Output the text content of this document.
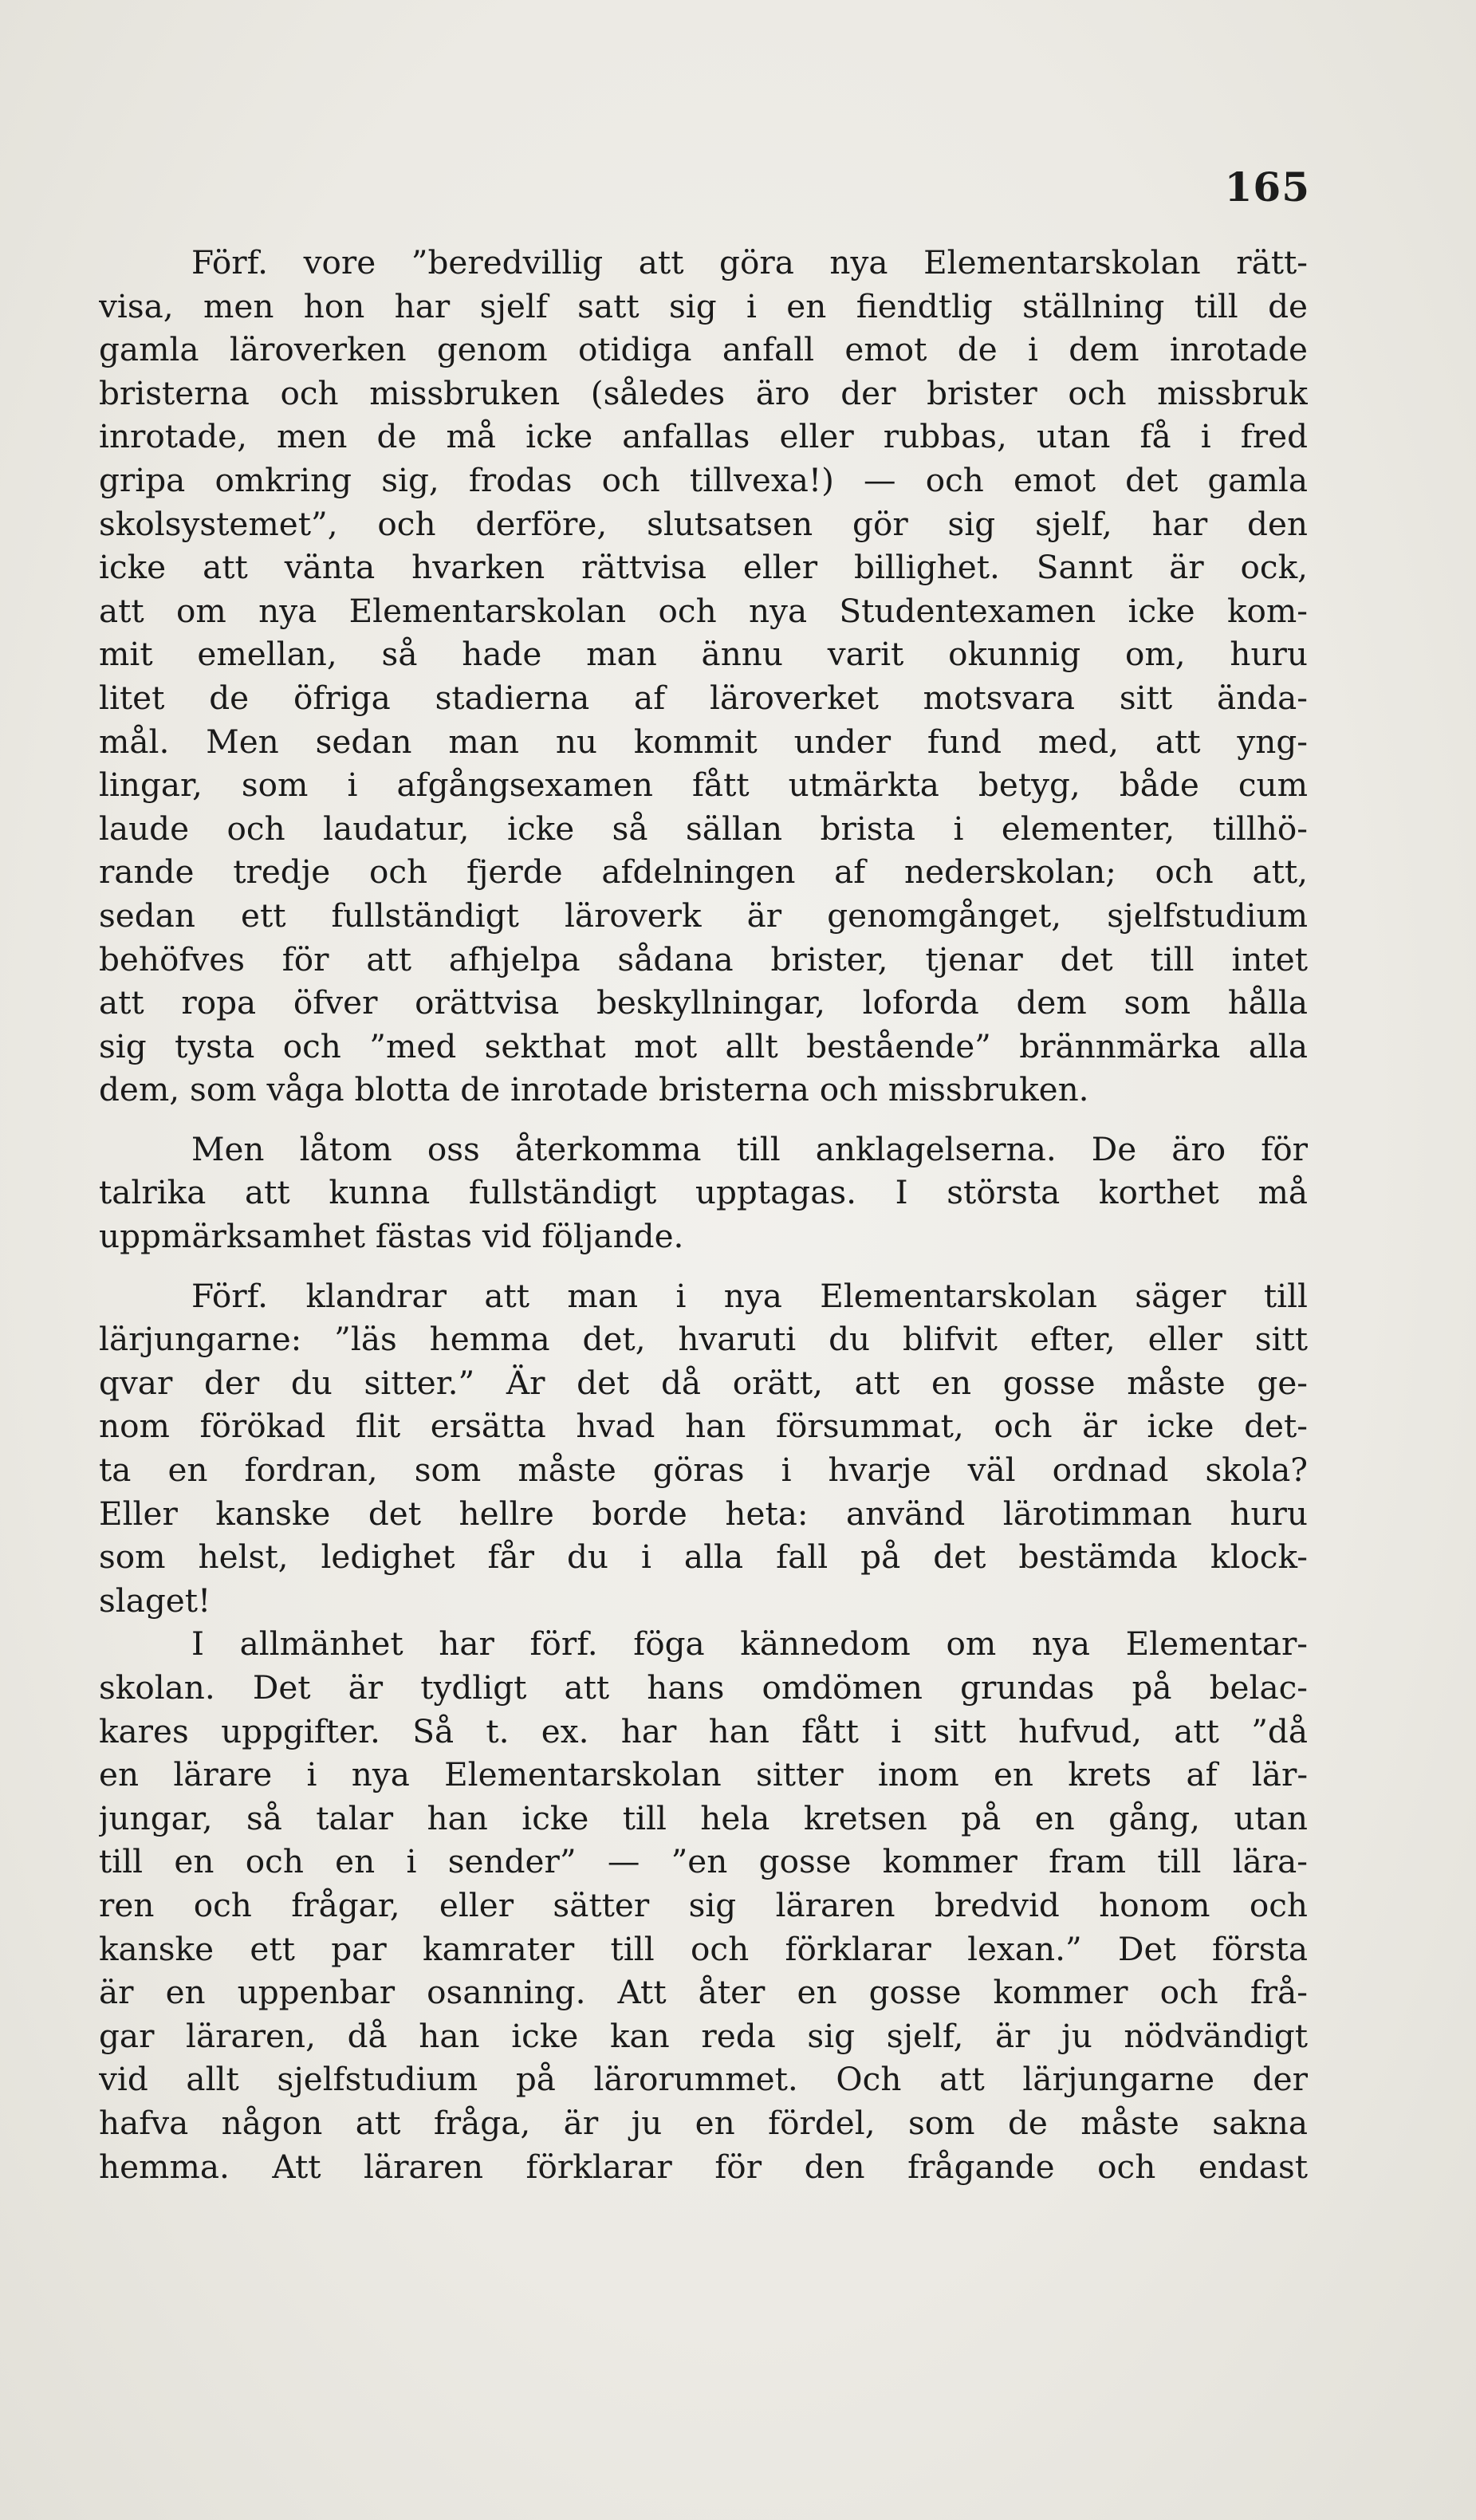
165
Förf. vore ”beredvillig att göra nya Elementarskolan rätt-
visa, men hon har sjelf satt sig i en fiendtlig ställning till de
gamla läroverken genom otidiga anfall emot de i dem inrotade
bristerna och missbruken (således äro der brister och missbruk
inrotade, men de må icke anfallas eller rubbas, utan få i fred
gripa omkring sig, frodas och tillvexa!) — och emot det gamla
skolsystemet”, och derföre, slutsatsen gör sig sjelf, har den
icke att vänta hvarken rättvisa eller billighet. Sannt är ock,
att om nya Elementarskolan och nya Studentexamen icke kom-
mit emellan, så hade man ännu varit okunnig om, huru
litet de öfriga stadierna af läroverket motsvara sitt ända-
mål. Men sedan man nu kommit under fund med, att yng-
lingar, som i afgångsexamen fått utmärkta betyg, både cum
laude och laudatur, icke så sällan brista i elementer, tillhö-
rande tredje och fjerde afdelningen af nederskolan; och att,
sedan ett fullständigt läroverk är genomgånget, sjelfstudium
behöfves för att afhjelpa sådana brister, tjenar det till intet
att ropa öfver orättvisa beskyllningar, loforda dem som hålla
sig tysta och ”med sekthat mot allt bestående” brännmärka alla
dem, som våga blotta de inrotade bristerna och missbruken.
Men låtom oss återkomma till anklagelserna. De äro för
talrika att kunna fullständigt upptagas. I största korthet må
uppmärksamhet fästas vid följande.
Förf. klandrar att man i nya Elementarskolan säger till
lärjungarne: ”läs hemma det, hvaruti du blifvit efter, eller sitt
qvar der du sitter.” Är det då orätt, att en gosse måste ge-
nom förökad flit ersätta hvad han försummat, och är icke det-
ta en fordran, som måste göras i hvarje väl ordnad skola?
Eller kanske det hellre borde heta: använd lärotimman huru
som helst, ledighet får du i alla fall på det bestämda klock-
slaget!
I allmänhet har förf. föga kännedom om nya Elementar-
skolan. Det är tydligt att hans omdömen grundas på belac-
kares uppgifter. Så t. ex. har han fått i sitt hufvud, att ”då
en lärare i nya Elementarskolan sitter inom en krets af lär-
jungar, så talar han icke till hela kretsen på en gång, utan
till en och en i sender” — ”en gosse kommer fram till lära-
ren och frågar, eller sätter sig läraren bredvid honom och
kanske ett par kamrater till och förklarar lexan.” Det första
är en uppenbar osanning. Att åter en gosse kommer och frå-
gar läraren, då han icke kan reda sig sjelf, är ju nödvändigt
vid allt sjelfstudium på lärorummet. Och att lärjungarne der
hafva någon att fråga, är ju en fördel, som de måste sakna
hemma. Att läraren förklarar för den frågande och endast
